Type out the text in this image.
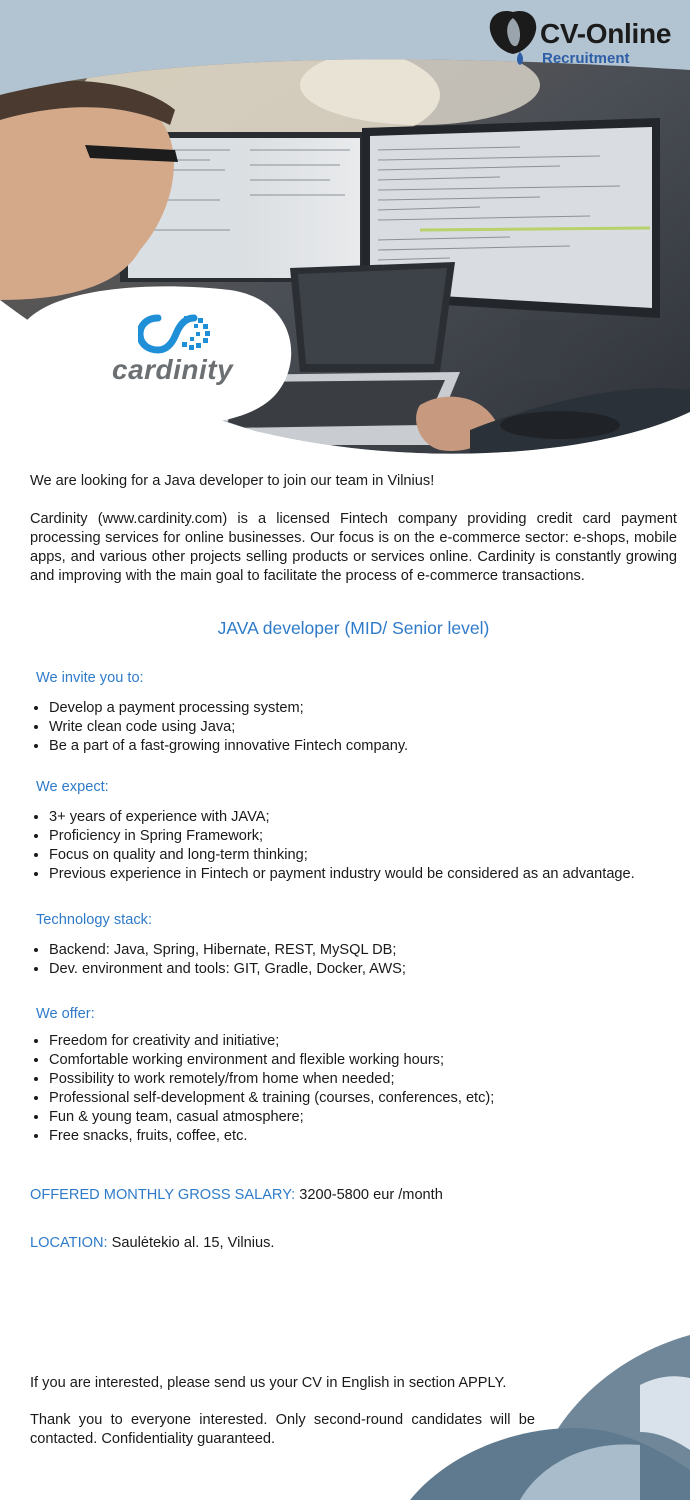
CV-Online
Recruitment
cardinity

We are looking for a Java developer to join our team in Vilnius!

Cardinity (www.cardinity.com) is a licensed Fintech company providing credit card payment processing services for online businesses. Our focus is on the e-commerce sector: e-shops, mobile apps, and various other projects selling products or services online. Cardinity is constantly growing and improving with the main goal to facilitate the process of e-commerce transactions.

JAVA developer (MID/ Senior level)
We invite you to:
• Develop a payment processing system;
• Write clean code using Java;
• Be a part of a fast-growing innovative Fintech company.
We expect:
• 3+ years of experience with JAVA;
• Proficiency in Spring Framework;
• Focus on quality and long-term thinking;
• Previous experience in Fintech or payment industry would be considered as an advantage.
Technology stack:
• Backend: Java, Spring, Hibernate, REST, MySQL DB;
• Dev. environment and tools: GIT, Gradle, Docker, AWS;
We offer:
• Freedom for creativity and initiative;
• Comfortable working environment and flexible working hours;
• Possibility to work remotely/from home when needed;
• Professional self-development & training (courses, conferences, etc);
• Fun & young team, casual atmosphere;
• Free snacks, fruits, coffee, etc.

OFFERED MONTHLY GROSS SALARY: 3200-5800 eur /month

LOCATION: Saulėtekio al. 15, Vilnius.

If you are interested, please send us your CV in English in section APPLY.

Thank you to everyone interested. Only second-round candidates will be contacted. Confidentiality guaranteed.
